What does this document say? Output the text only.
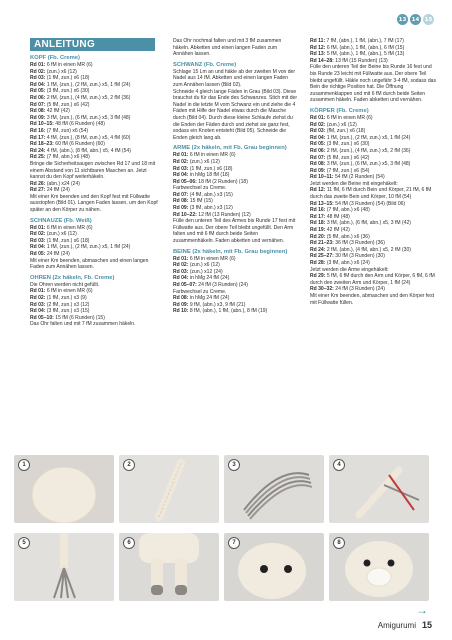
13 14 15
ANLEITUNG
KOPF (Fb. Creme)
Rd 01: 6 fM in einen MR (6)
Rd 02: (zun.) x6 (12)
Rd 03: (1 fM, zun.) x6 (18)
Rd 04: 1 fM, (zun.), (2 fM, zun.) x5, 1 fM (24)
Rd 05: (3 fM, zun.) x6 (30)
Rd 06: 2 fM, (zun.), (4 fM, zun.) x5, 2 fM (36)
Rd 07: (5 fM, zun.) x6 (42)
Rd 08: 42 fM (42)
Rd 09: 3 fM, (zun.), (6 fM, zun.) x5, 3 fM (48)
Rd 10–15: 48 fM (6 Runden) (48)
Rd 16: (7 fM, zun) x6 (54)
Rd 17: 4 fM, (zun.), (8 fM, zun.) x5, 4 fM (60)
Rd 18–23: 60 fM (6 Runden) (60)
Rd 24: 4 fM, (abn.), (8 fM, abn.) x5, 4 fM (54)
Rd 25: (7 fM, abn.) x6 (48)
Bringe die Sicherheitsaugen zwischen Rd 17 und 18 mit einem Abstand von 11 sichtbaren Maschen an. Jetzt kannst du den Kopf weiterhäkeln.
Rd 26: (abn.) x24 (24)
Rd 27: 24 fM (24)
Mit einer Km beenden und den Kopf fest mit Füllwatte ausstopfen (Bild 01). Langen Faden lassen, um den Kopf später an den Körper zu nähen.
SCHNAUZE (Fb. Weiß)
Rd 01: 6 fM in einen MR (6)
Rd 02: (zun.) x6 (12)
Rd 03: (1 fM, zun.) x6 (18)
Rd 04: 1 fM, (zun.), (2 fM, zun.) x5, 1 fM (24)
Rd 05: 24 fM (24)
Mit einer Km beenden, abmaschen und einen langen Faden zum Annähen lassen.
OHREN (2x häkeln, Fb. Creme)
Die Ohren werden nicht gefüllt.
Rd 01: 6 fM in einen MR (6)
Rd 02: (1 fM, zun.) x3 (9)
Rd 03: (2 fM, zun.) x3 (12)
Rd 04: (3 fM, zun.) x3 (15)
Rd 05–10: 15 fM (6 Runden) (15)
Das Ohr falten und mit 7 fM zusammen häkeln.
Das Ohr nochmal falten und mit 3 fM zusammen häkeln. Abketten und einen langen Faden zum Annähen lassen.
SCHWANZ (Fb. Creme)
Schlage 15 Lm an und häkle ab der zweiten M von der Nadel aus 14 fM. Abketten und einen langen Faden zum Annähen lassen (Bild 02).
Schneide 4 gleich lange Fäden in Grau (Bild 03). Diese brauchst du für das Ende des Schwanzes. Stich mit der Nadel in die letzte M vom Schwanz ein und ziehe die 4 Fäden mit Hilfe der Nadel etwas durch die Masche durch (Bild 04). Durch diese kleine Schlaufe ziehst du die Enden der Fäden durch und ziehst sie ganz fest, sodass ein Knoten entsteht (Bild 05). Schneide die Enden gleich lang ab.
ARME (2x häkeln, mit Fb. Grau beginnen)
Rd 01: 6 fM in einen MR (6)
Rd 02: (zun.) x6 (12)
Rd 03: (1 fM, zun.) x6 (18)
Rd 04: in hMg 18 fM (18)
Rd 05–06: 18 fM (2 Runden) (18)
Farbwechsel zu Creme.
Rd 07: (4 fM, abn.) x3 (15)
Rd 08: 15 fM (15)
Rd 09: (3 fM, abn.) x3 (12)
Rd 10–22: 12 fM (13 Runden) (12)
Fülle den unteren Teil des Armes bis Runde 17 fest mit Füllwatte aus. Der obere Teil bleibt ungefüllt. Den Arm falten und mit 6 fM durch beide Seiten zusammenhäkeln. Faden abketten und vernähen.
BEINE (2x häkeln, mit Fb. Grau beginnen)
Rd 01: 6 fM in einen MR (6)
Rd 02: (zun.) x6 (12)
Rd 03: (zun.) x12 (24)
Rd 04: in hMg 24 fM (24)
Rd 05–07: 24 fM (3 Runden) (24)
Farbwechsel zu Creme.
Rd 08: in hMg 24 fM (24)
Rd 09: 9 fM, (abn.) x3, 9 fM (21)
Rd 10: 8 fM, (abn.), 1 fM, (abn.), 8 fM (19)
Rd 11: 7 fM, (abn.), 1 fM, (abn.), 7 fM (17)
Rd 12: 6 fM, (abn.), 1 fM, (abn.), 6 fM (15)
Rd 13: 5 fM, (abn.), 1 fM, (abn.), 5 fM (13)
Rd 14–28: 13 fM (15 Runden) (13)
Fülle den unteren Teil der Beine bis Runde 16 fest und bis Runde 23 leicht mit Füllwatte aus. Der obere Teil bleibt ungefüllt. Häkle noch ungefähr 3-4 fM, sodass das Bein die richtige Position hat. Die Öffnung zusammenklappen und mit 6 fM durch beide Seiten zusammen häkeln. Faden abketten und vernähen.
KÖRPER (Fb. Creme)
Rd 01: 6 fM in einen MR (6)
Rd 02: (zun.) x6 (12)
Rd 03: (fM, zun.) x6 (18)
Rd 04: 1 fM, (zun.), (2 fM, zun.) x5, 1 fM (24)
Rd 05: (3 fM, zun.) x6 (30)
Rd 06: 2 fM, (zun.), (4 fM, zun.) x5, 2 fM (36)
Rd 07: (5 fM, zun.) x6 (42)
Rd 08: 3 fM, (zun.), (6 fM, zun.) x5, 3 fM (48)
Rd 09: (7 fM, zun.) x6 (54)
Rd 10–11: 54 fM (2 Runden) (54)
Jetzt werden die Beine mit eingehäkelt:
Rd 12: 11 fM, 6 fM durch Bein und Körper, 21 fM, 6 fM durch das zweite Bein und Körper, 10 fM (54)
Rd 13–15: 54 fM (3 Runden) (54) (Bild 06)
Rd 16: (7 fM, abn.) x6 (48)
Rd 17: 48 fM (48)
Rd 18: 3 fM, (abn.), (6 fM, abn.) x5, 3 fM (42)
Rd 19: 42 fM (42)
Rd 20: (5 fM, abn.) x6 (36)
Rd 21–23: 36 fM (3 Runden) (36)
Rd 24: 2 fM, (abn.), (4 fM, abn.) x5, 2 fM (30)
Rd 25–27: 30 fM (3 Runden) (30)
Rd 28: (3 fM, abn.) x6 (24)
Jetzt werden die Arme eingehäkelt:
Rd 29: 5 fM, 6 fM durch den Arm und Körper, 6 fM, 6 fM durch den zweiten Arm und Körper, 1 fM (24)
Rd 30–32: 24 fM (3 Runden) (24)
Mit einer Km beenden, abmaschen und den Körper fest mit Füllwatte füllen.
1	2	3	4
5	6	7	8
→
Amigurumi 15
